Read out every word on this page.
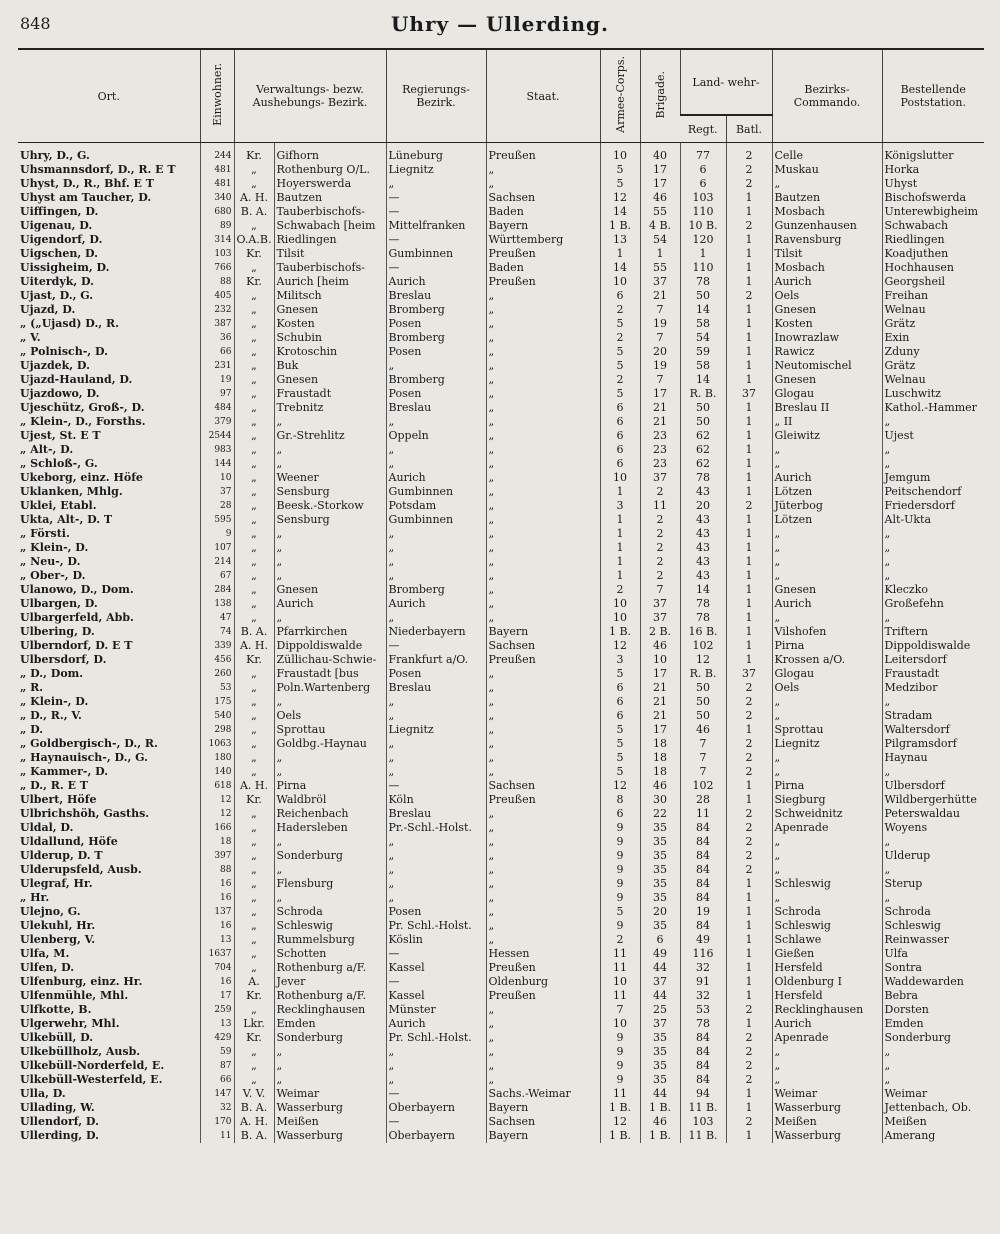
848	Uhry — Ullerding.
Ort.	Einwohner.	Verwaltungs- bezw. Aushebungs- Bezirk.		Regierungs- Bezirk.	Staat.	Armee-Corps.	Brigade.	Land- wehr-		Bezirks- Commando.	Bestellende Poststation.
								Regt.	Batl.		

Uhry, D., G.	244	Kr.	Gifhorn	Lüneburg	Preußen	10	40	77	2	Celle	Königslutter
Uhsmannsdorf, D., R. E T	481	„	Rothenburg O/L.	Liegnitz	„	5	17	6	2	Muskau	Horka
Uhyst, D., R., Bhf. E T	481	„	Hoyerswerda	„	„	5	17	6	2	„	Uhyst
Uhyst am Taucher, D.	340	A. H.	Bautzen	—	Sachsen	12	46	103	1	Bautzen	Bischofswerda
Uiffingen, D.	680	B. A.	Tauberbischofs-	—	Baden	14	55	110	1	Mosbach	Unterewbigheim
Uigenau, D.	89	„	Schwabach [heim	Mittelfranken	Bayern	1 B.	4 B.	10 B.	2	Gunzenhausen	Schwabach
Uigendorf, D.	314	O.A.B.	Riedlingen	—	Württemberg	13	54	120	1	Ravensburg	Riedlingen
Uigschen, D.	103	Kr.	Tilsit	Gumbinnen	Preußen	1	1	1	1	Tilsit	Koadjuthen
Uissigheim, D.	766	„	Tauberbischofs-	—	Baden	14	55	110	1	Mosbach	Hochhausen
Uiterdyk, D.	88	Kr.	Aurich [heim	Aurich	Preußen	10	37	78	1	Aurich	Georgsheil
Ujast, D., G.	405	„	Militsch	Breslau	„	6	21	50	2	Oels	Freihan
Ujazd, D.	232	„	Gnesen	Bromberg	„	2	7	14	1	Gnesen	Welnau
„ („Ujasd) D., R.	387	„	Kosten	Posen	„	5	19	58	1	Kosten	Grätz
„ V.	36	„	Schubin	Bromberg	„	2	7	54	1	Inowrazlaw	Exin
„ Polnisch-, D.	66	„	Krotoschin	Posen	„	5	20	59	1	Rawicz	Zduny
Ujazdek, D.	231	„	Buk	„	„	5	19	58	1	Neutomischel	Grätz
Ujazd-Hauland, D.	19	„	Gnesen	Bromberg	„	2	7	14	1	Gnesen	Welnau
Ujazdowo, D.	97	„	Fraustadt	Posen	„	5	17	R. B.	37	Glogau	Luschwitz
Ujeschütz, Groß-, D.	484	„	Trebnitz	Breslau	„	6	21	50	1	Breslau II	Kathol.-Hammer
„ Klein-, D., Forsths.	379	„	„	„	„	6	21	50	1	„ II	„
Ujest, St. E T	2544	„	Gr.-Strehlitz	Oppeln	„	6	23	62	1	Gleiwitz	Ujest
„ Alt-, D.	983	„	„	„	„	6	23	62	1	„	„
„ Schloß-, G.	144	„	„	„	„	6	23	62	1	„	„
Ukeborg, einz. Höfe	10	„	Weener	Aurich	„	10	37	78	1	Aurich	Jemgum
Uklanken, Mhlg.	37	„	Sensburg	Gumbinnen	„	1	2	43	1	Lötzen	Peitschendorf
Uklei, Etabl.	28	„	Beesk.-Storkow	Potsdam	„	3	11	20	2	Jüterbog	Friedersdorf
Ukta, Alt-, D. T	595	„	Sensburg	Gumbinnen	„	1	2	43	1	Lötzen	Alt-Ukta
„ Försti.	9	„	„	„	„	1	2	43	1	„	„
„ Klein-, D.	107	„	„	„	„	1	2	43	1	„	„
„ Neu-, D.	214	„	„	„	„	1	2	43	1	„	„
„ Ober-, D.	67	„	„	„	„	1	2	43	1	„	„
Ulanowo, D., Dom.	284	„	Gnesen	Bromberg	„	2	7	14	1	Gnesen	Kleczko
Ulbargen, D.	138	„	Aurich	Aurich	„	10	37	78	1	Aurich	Großefehn
Ulbargerfeld, Abb.	47	„	„	„	„	10	37	78	1	„	„
Ulbering, D.	74	B. A.	Pfarrkirchen	Niederbayern	Bayern	1 B.	2 B.	16 B.	1	Vilshofen	Triftern
Ulberndorf, D. E T	339	A. H.	Dippoldiswalde	—	Sachsen	12	46	102	1	Pirna	Dippoldiswalde
Ulbersdorf, D.	456	Kr.	Züllichau-Schwie-	Frankfurt a/O.	Preußen	3	10	12	1	Krossen a/O.	Leitersdorf
„ D., Dom.	260	„	Fraustadt [bus	Posen	„	5	17	R. B.	37	Glogau	Fraustadt
„ R.	53	„	Poln.Wartenberg	Breslau	„	6	21	50	2	Oels	Medzibor
„ Klein-, D.	175	„	„	„	„	6	21	50	2	„	„
„ D., R., V.	540	„	Oels	„	„	6	21	50	2	„	Stradam
„ D.	298	„	Sprottau	Liegnitz	„	5	17	46	1	Sprottau	Waltersdorf
„ Goldbergisch-, D., R.	1063	„	Goldbg.-Haynau	„	„	5	18	7	2	Liegnitz	Pilgramsdorf
„ Haynauisch-, D., G.	180	„	„	„	„	5	18	7	2	„	Haynau
„ Kammer-, D.	140	„	„	„	„	5	18	7	2	„	„
„ D., R. E T	618	A. H.	Pirna	—	Sachsen	12	46	102	1	Pirna	Ulbersdorf
Ulbert, Höfe	12	Kr.	Waldbröl	Köln	Preußen	8	30	28	1	Siegburg	Wildbergerhütte
Ulbrichshöh, Gasths.	12	„	Reichenbach	Breslau	„	6	22	11	2	Schweidnitz	Peterswaldau
Uldal, D.	166	„	Hadersleben	Pr.-Schl.-Holst.	„	9	35	84	2	Apenrade	Woyens
Uldallund, Höfe	18	„	„	„	„	9	35	84	2	„	„
Ulderup, D. T	397	„	Sonderburg	„	„	9	35	84	2	„	Ulderup
Ulderupsfeld, Ausb.	88	„	„	„	„	9	35	84	2	„	„
Ulegraf, Hr.	16	„	Flensburg	„	„	9	35	84	1	Schleswig	Sterup
„ Hr.	16	„	„	„	„	9	35	84	1	„	„
Ulejno, G.	137	„	Schroda	Posen	„	5	20	19	1	Schroda	Schroda
Ulekuhl, Hr.	16	„	Schleswig	Pr. Schl.-Holst.	„	9	35	84	1	Schleswig	Schleswig
Ulenberg, V.	13	„	Rummelsburg	Köslin	„	2	6	49	1	Schlawe	Reinwasser
Ulfa, M.	1637	„	Schotten	—	Hessen	11	49	116	1	Gießen	Ulfa
Ulfen, D.	704	„	Rothenburg a/F.	Kassel	Preußen	11	44	32	1	Hersfeld	Sontra
Ulfenburg, einz. Hr.	16	A.	Jever	—	Oldenburg	10	37	91	1	Oldenburg I	Waddewarden
Ulfenmühle, Mhl.	17	Kr.	Rothenburg a/F.	Kassel	Preußen	11	44	32	1	Hersfeld	Bebra
Ulfkotte, B.	259	„	Recklinghausen	Münster	„	7	25	53	2	Recklinghausen	Dorsten
Ulgerwehr, Mhl.	13	Lkr.	Emden	Aurich	„	10	37	78	1	Aurich	Emden
Ulkebüll, D.	429	Kr.	Sonderburg	Pr. Schl.-Holst.	„	9	35	84	2	Apenrade	Sonderburg
Ulkebüllholz, Ausb.	59	„	„	„	„	9	35	84	2	„	„
Ulkebüll-Norderfeld, E.	87	„	„	„	„	9	35	84	2	„	„
Ulkebüll-Westerfeld, E.	66	„	„	„	„	9	35	84	2	„	„
Ulla, D.	147	V. V.	Weimar	—	Sachs.-Weimar	11	44	94	1	Weimar	Weimar
Ullading, W.	32	B. A.	Wasserburg	Oberbayern	Bayern	1 B.	1 B.	11 B.	1	Wasserburg	Jettenbach, Ob.
Ullendorf, D.	170	A. H.	Meißen	—	Sachsen	12	46	103	2	Meißen	Meißen
Ullerding, D.	11	B. A.	Wasserburg	Oberbayern	Bayern	1 B.	1 B.	11 B.	1	Wasserburg	Amerang
